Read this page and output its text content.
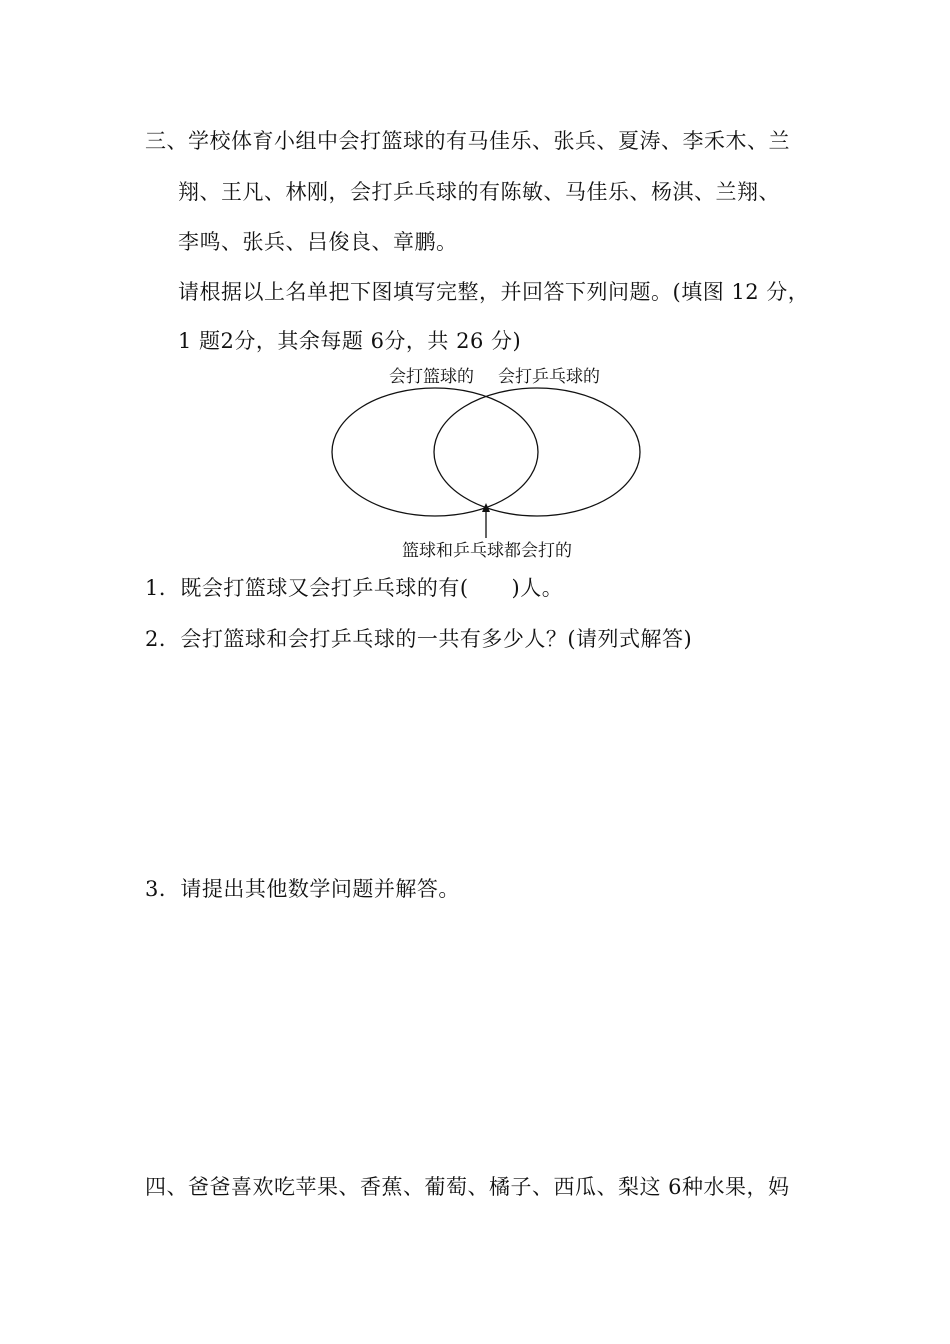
三、学校体育小组中会打篮球的有马佳乐、张兵、夏涛、李禾木、兰
翔、王凡、林刚，会打乒乓球的有陈敏、马佳乐、杨淇、兰翔、
李鸣、张兵、吕俊良、章鹏。
请根据以上名单把下图填写完整，并回答下列问题。(填图 12 分，
1 题2分，其余每题 6分，共 26 分)
会打篮球的 会打乒乓球的
篮球和乒乓球都会打的
1．既会打篮球又会打乒乓球的有(　　)人。
2．会打篮球和会打乒乓球的一共有多少人？(请列式解答)
3．请提出其他数学问题并解答。
四、爸爸喜欢吃苹果、香蕉、葡萄、橘子、西瓜、梨这 6种水果，妈
